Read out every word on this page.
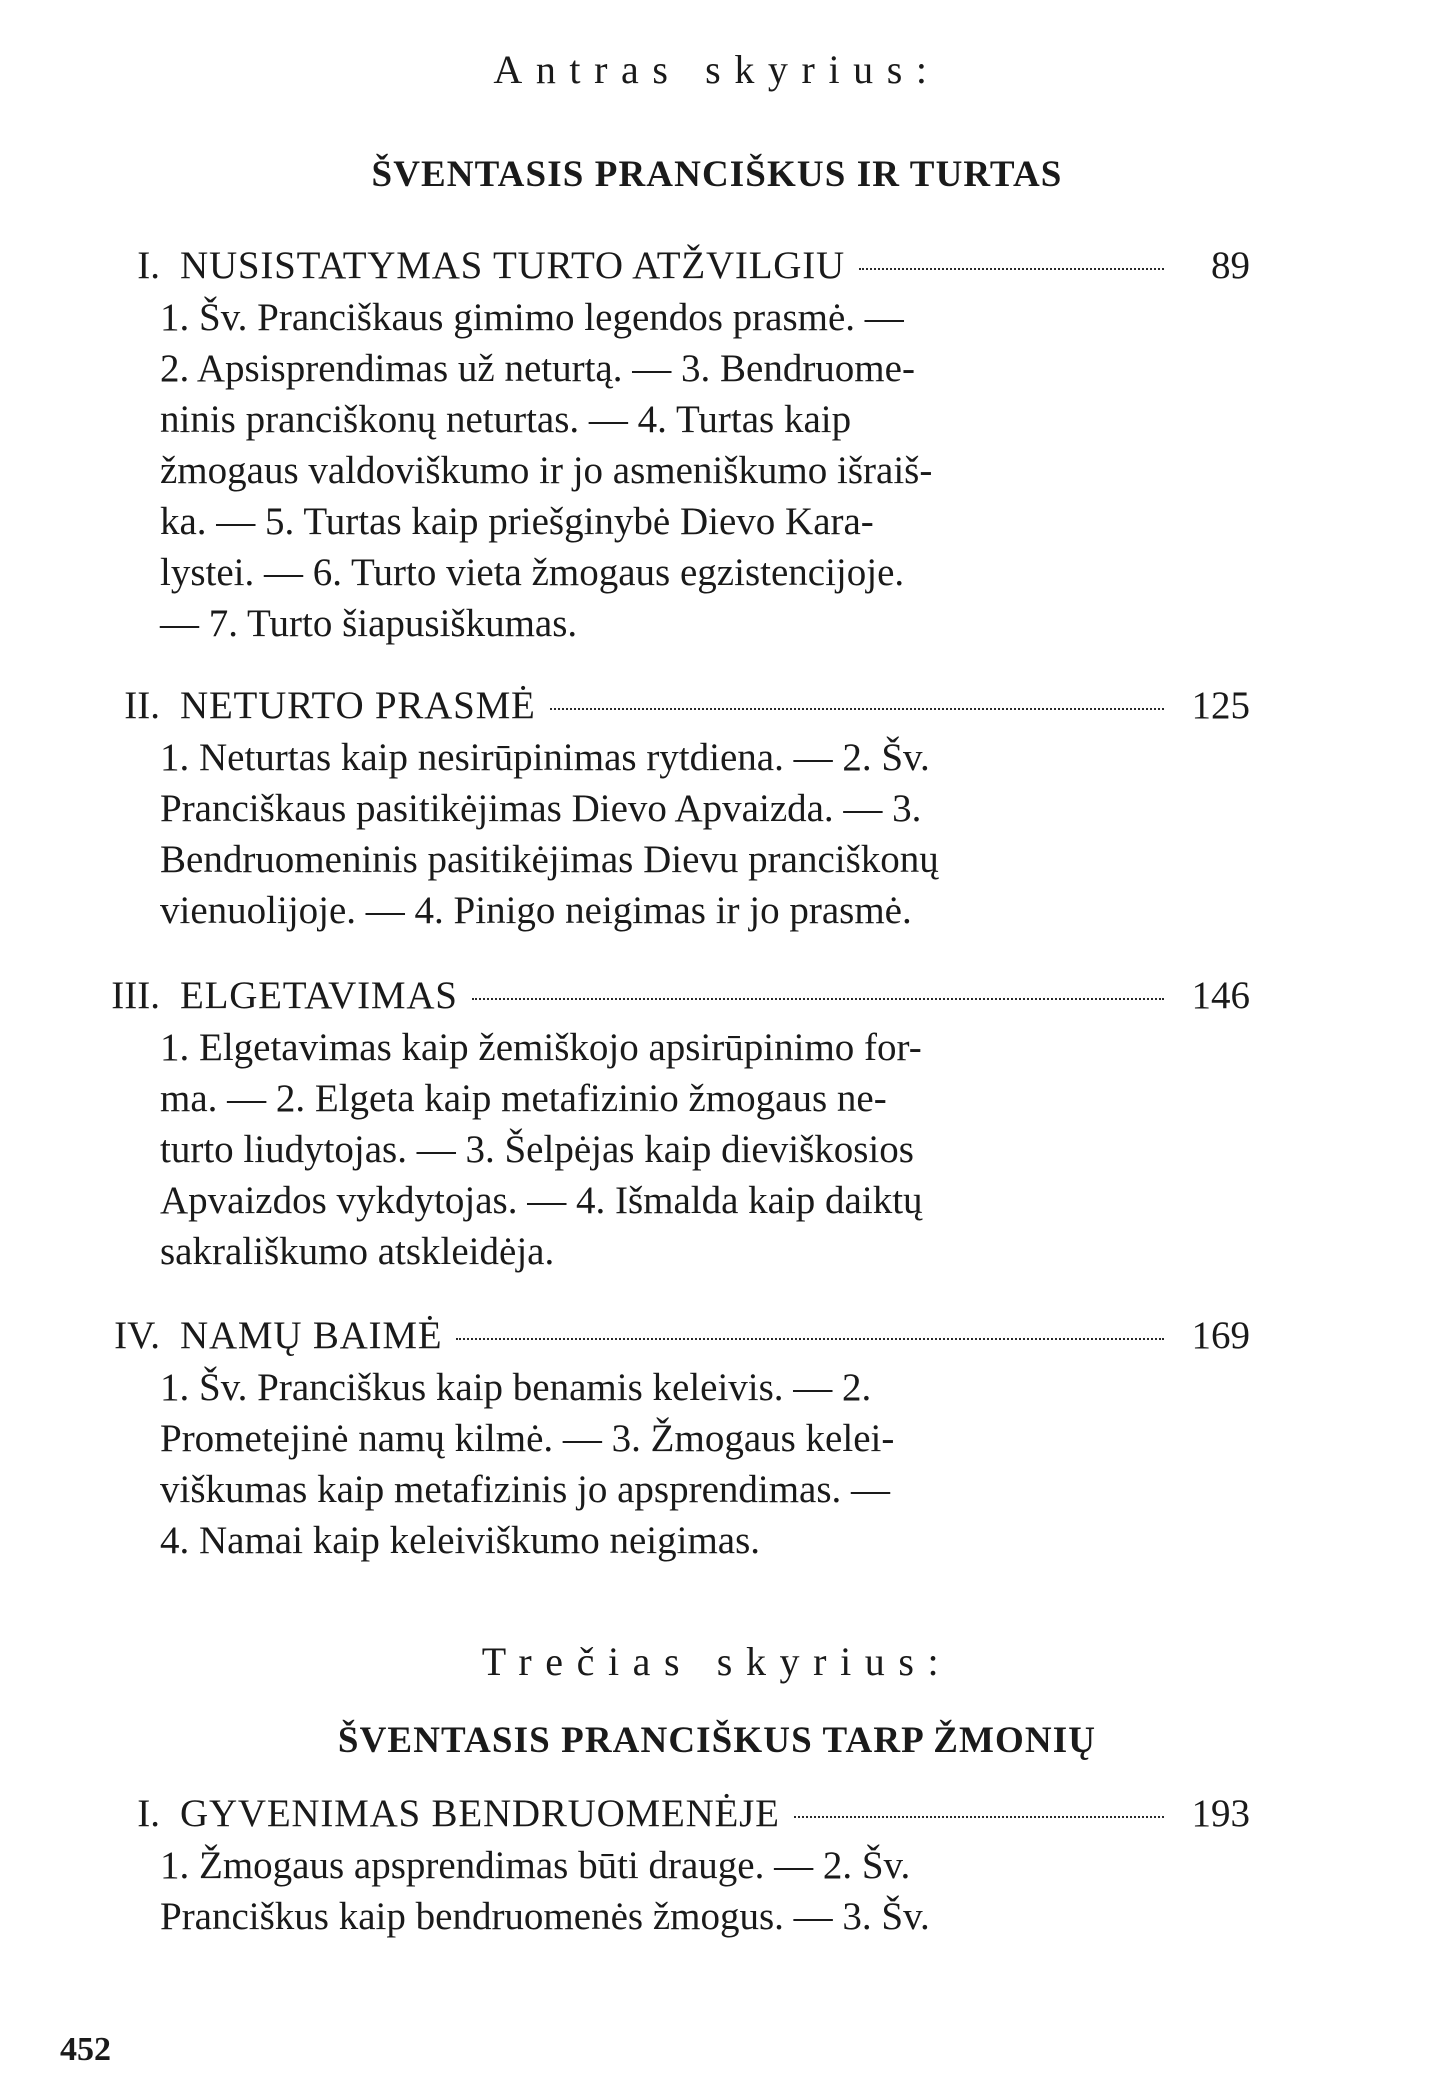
Antras skyrius:
ŠVENTASIS PRANCIŠKUS IR TURTAS
I. NUSISTATYMAS TURTO ATŽVILGIU	89
1. Šv. Pranciškaus gimimo legendos prasmė. —
2. Apsisprendimas už neturtą. — 3. Bendruome-
ninis pranciškonų neturtas. — 4. Turtas kaip
žmogaus valdoviškumo ir jo asmeniškumo išraiš-
ka. — 5. Turtas kaip priešginybė Dievo Kara-
lystei. — 6. Turto vieta žmogaus egzistencijoje.
— 7. Turto šiapusiškumas.
II. NETURTO PRASMĖ	125
1. Neturtas kaip nesirūpinimas rytdiena. — 2. Šv.
Pranciškaus pasitikėjimas Dievo Apvaizda. — 3.
Bendruomeninis pasitikėjimas Dievu pranciškonų
vienuolijoje. — 4. Pinigo neigimas ir jo prasmė.
III. ELGETAVIMAS	146
1. Elgetavimas kaip žemiškojo apsirūpinimo for-
ma. — 2. Elgeta kaip metafizinio žmogaus ne-
turto liudytojas. — 3. Šelpėjas kaip dieviškosios
Apvaizdos vykdytojas. — 4. Išmalda kaip daiktų
sakrališkumo atskleidėja.
IV. NAMŲ BAIMĖ	169
1. Šv. Pranciškus kaip benamis keleivis. — 2.
Prometejinė namų kilmė. — 3. Žmogaus kelei-
viškumas kaip metafizinis jo apsprendimas. —
4. Namai kaip keleiviškumo neigimas.
Trečias skyrius:
ŠVENTASIS PRANCIŠKUS TARP ŽMONIŲ
I. GYVENIMAS BENDRUOMENĖJE	193
1. Žmogaus apsprendimas būti drauge. — 2. Šv.
Pranciškus kaip bendruomenės žmogus. — 3. Šv.
452
